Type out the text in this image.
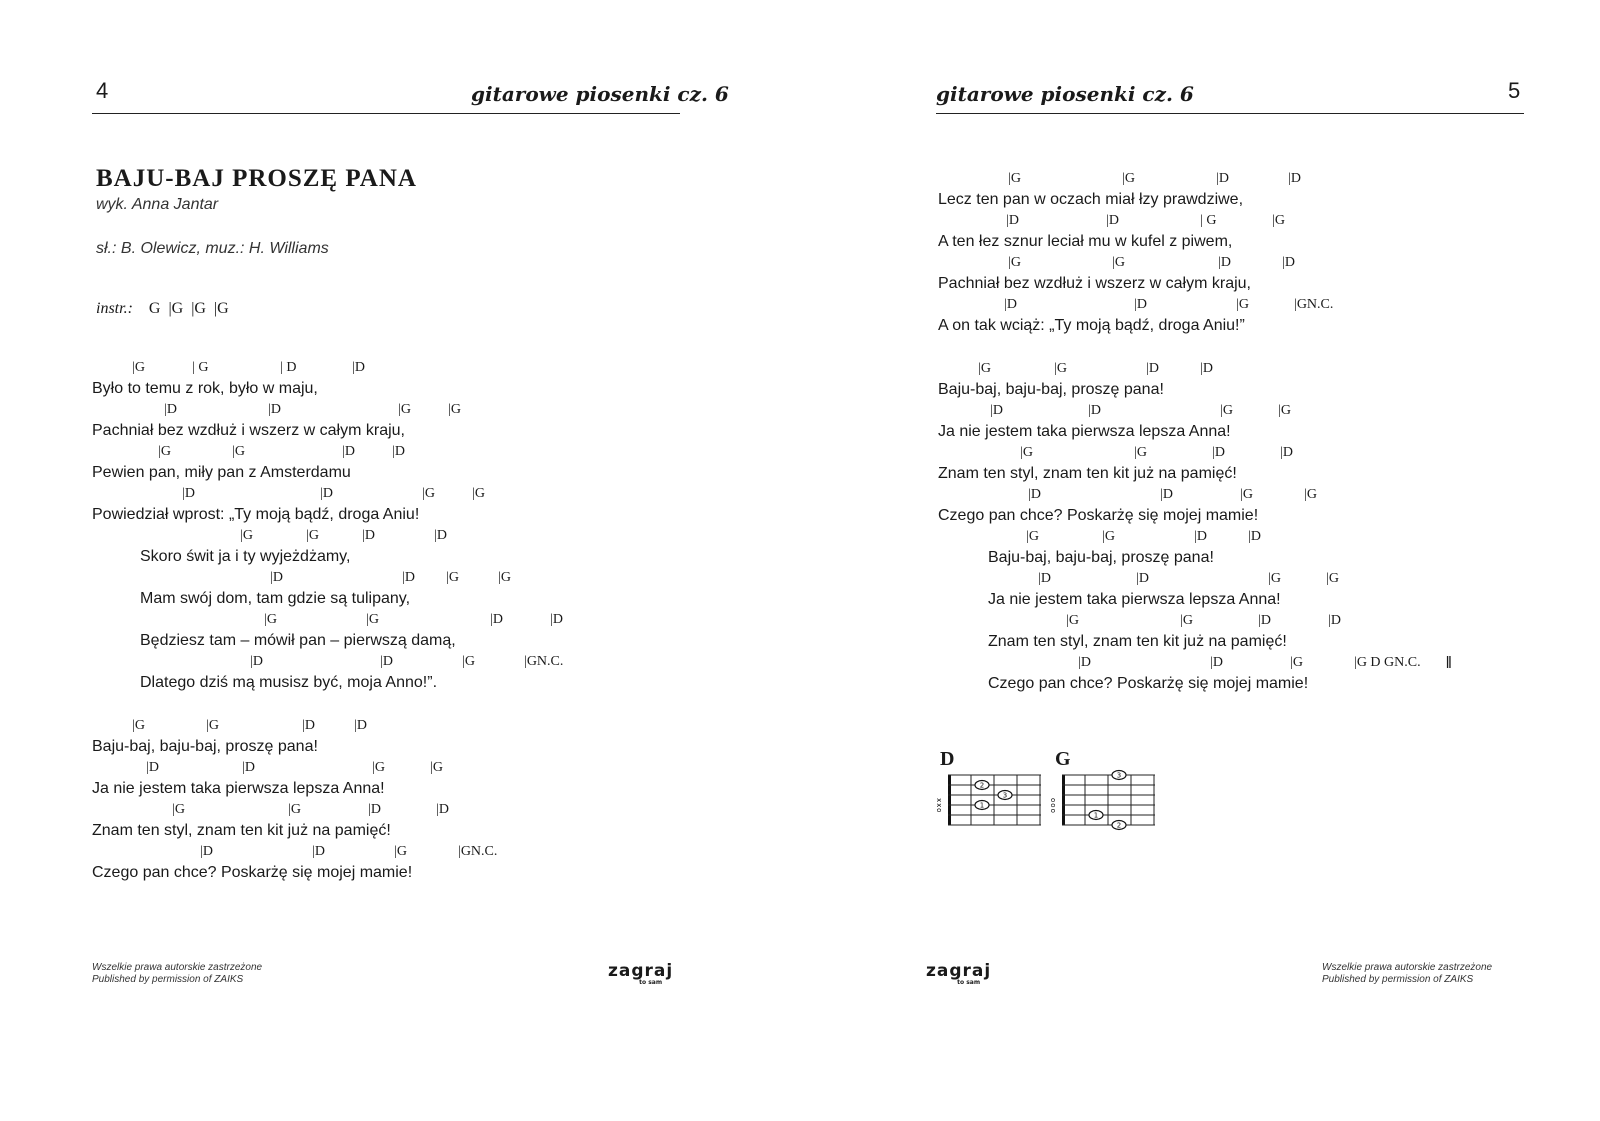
4	gitarowe piosenki cz. 6
BAJU-BAJ PROSZĘ PANA
wyk. Anna Jantar
sł.: B. Olewicz, muz.: H. Williams
instr.: G  |G  |G  |G
| G	|  G	|  D	| D
Było to temu z rok, było w maju,
| D	| D	| G	| G
Pachniał bez wzdłuż i wszerz w całym kraju,
| G	| G	| D	| D
Pewien pan, miły pan z Amsterdamu
| D	| D	| G	| G
Powiedział wprost: „Ty moją bądź, droga Aniu!
| G	| G	| D	| D
Skoro świt ja i ty wyjeżdżamy,
| D	| D | G	| G
Mam swój dom, tam gdzie są tulipany,
| G	| G	| D	| D
Będziesz tam – mówił pan – pierwszą damą,
| D	| D	| G	| GN.C.
Dlatego dziś mą musisz być, moja Anno!”.
| G	| G	| D	| D
Baju-baj, baju-baj, proszę pana!
| D	| D	| G	| G
Ja nie jestem taka pierwsza lepsza Anna!
| G	| G	| D	| D
Znam ten styl, znam ten kit już na pamięć!
| D	| D	| G	| GN.C.
Czego pan chce? Poskarżę się mojej mamie!
Wszelkie prawa autorskie zastrzeżone
Published by permission of ZAIKS	zagraj
to sam
gitarowe piosenki cz. 6	5
| G	| G	| D	| D
Lecz ten pan w oczach miał łzy prawdziwe,
| D	| D	|  G	| G
A ten łez sznur leciał mu w kufel z piwem,
| G	| G	| D	| D
Pachniał bez wzdłuż i wszerz w całym kraju,
| D	| D	| G	| GN.C.
A on tak wciąż: „Ty moją bądź, droga Aniu!”
| G	| G	| D	| D
Baju-baj, baju-baj, proszę pana!
| D	| D	| G	| G
Ja nie jestem taka pierwsza lepsza Anna!
| G	| G	| D	| D
Znam ten styl, znam ten kit już na pamięć!
| D	| D	| G	| G
Czego pan chce? Poskarżę się mojej mamie!
| G	| G	| D	| D
Baju-baj, baju-baj, proszę pana!
| D	| D	| G	| G
Ja nie jestem taka pierwsza lepsza Anna!
| G	| G	| D	| D
Znam ten styl, znam ten kit już na pamięć!
| D	| D	| G	| G D GN.C. ‖
Czego pan chce? Poskarżę się mojej mamie!
D
xxo
2
3
1
G
ooo
3
1
2
zagraj
to sam
Wszelkie prawa autorskie zastrzeżone
Published by permission of ZAIKS
